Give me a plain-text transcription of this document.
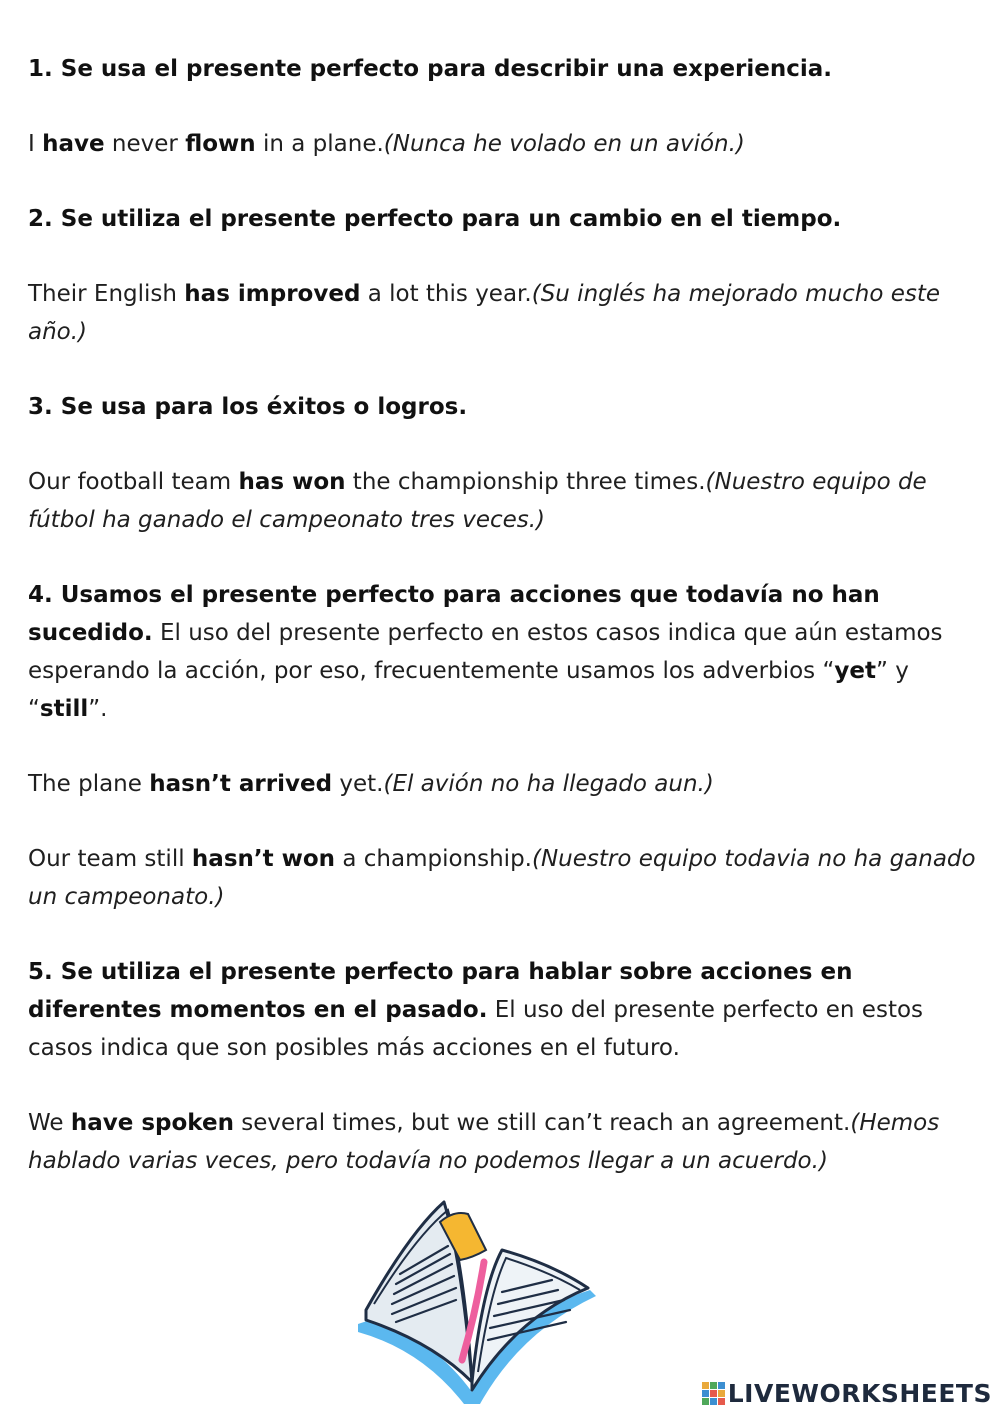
1. Se usa el presente perfecto para describir una experiencia.

I have never flown in a plane.(Nunca he volado en un avión.)

2. Se utiliza el presente perfecto para un cambio en el tiempo.

Their English has improved a lot this year.(Su inglés ha mejorado mucho este año.)

3. Se usa para los éxitos o logros.

Our football team has won the championship three times.(Nuestro equipo de fútbol ha ganado el campeonato tres veces.)

4. Usamos el presente perfecto para acciones que todavía no han sucedido. El uso del presente perfecto en estos casos indica que aún estamos esperando la acción, por eso, frecuentemente usamos los adverbios “yet” y “still”.

The plane hasn’t arrived yet.(El avión no ha llegado aun.)

Our team still hasn’t won a championship.(Nuestro equipo todavia no ha ganado un campeonato.)

5. Se utiliza el presente perfecto para hablar sobre acciones en diferentes momentos en el pasado. El uso del presente perfecto en estos casos indica que son posibles más acciones en el futuro.

We have spoken several times, but we still can’t reach an agreement.(Hemos hablado varias veces, pero todavía no podemos llegar a un acuerdo.)

LIVEWORKSHEETS
